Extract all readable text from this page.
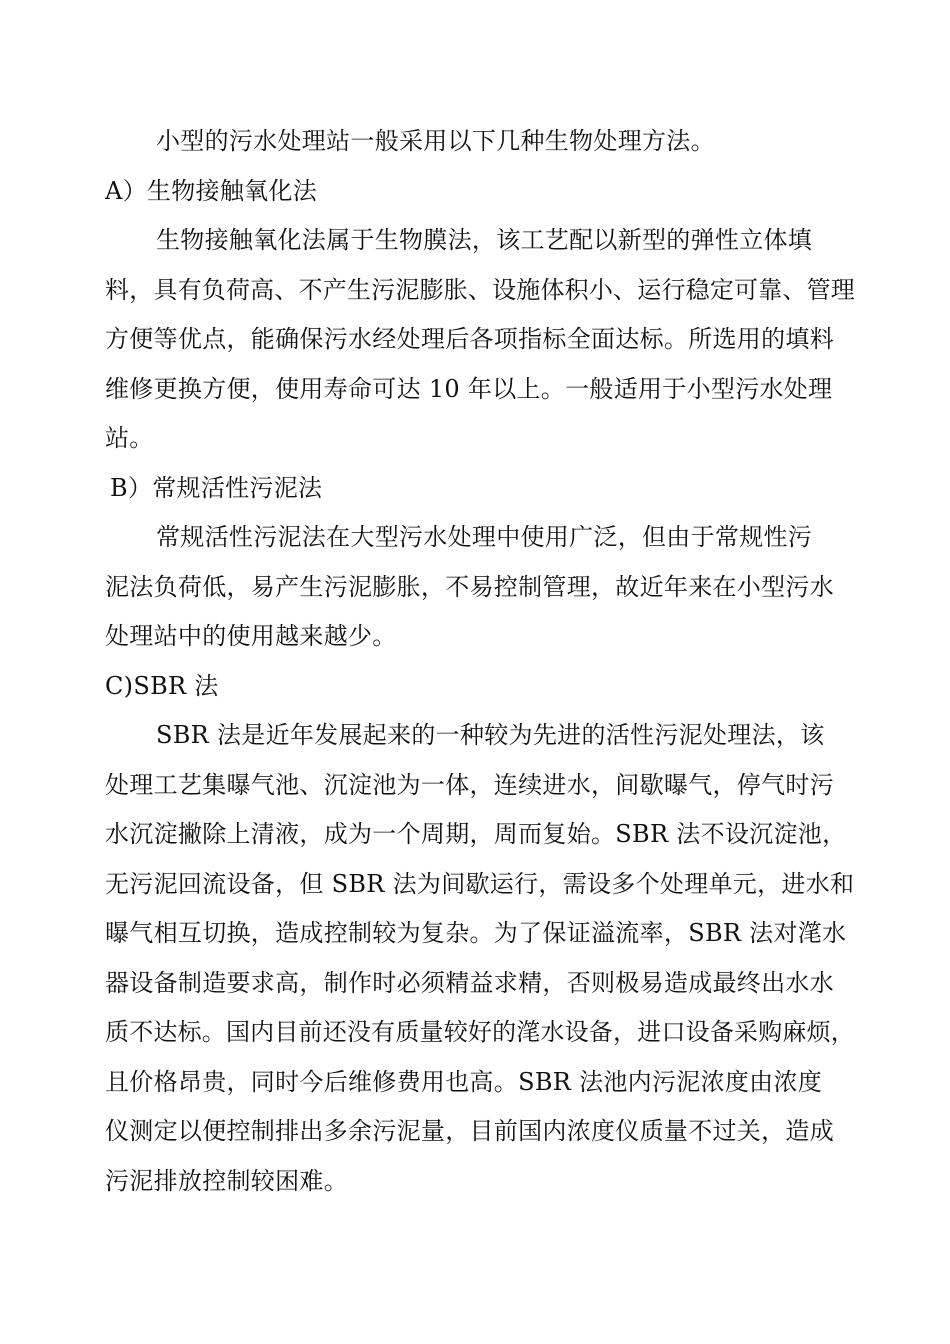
小型的污水处理站一般采用以下几种生物处理方法。
A）生物接触氧化法
生物接触氧化法属于生物膜法，该工艺配以新型的弹性立体填
料，具有负荷高、不产生污泥膨胀、设施体积小、运行稳定可靠、管理
方便等优点，能确保污水经处理后各项指标全面达标。所选用的填料
维修更换方便，使用寿命可达 10 年以上。一般适用于小型污水处理
站。
B）常规活性污泥法
常规活性污泥法在大型污水处理中使用广泛，但由于常规性污
泥法负荷低，易产生污泥膨胀，不易控制管理，故近年来在小型污水
处理站中的使用越来越少。
C)SBR 法
SBR 法是近年发展起来的一种较为先进的活性污泥处理法，该
处理工艺集曝气池、沉淀池为一体，连续进水，间歇曝气，停气时污
水沉淀撇除上清液，成为一个周期，周而复始。SBR 法不设沉淀池，
无污泥回流设备，但 SBR 法为间歇运行，需设多个处理单元，进水和
曝气相互切换，造成控制较为复杂。为了保证溢流率，SBR 法对滗水
器设备制造要求高，制作时必须精益求精，否则极易造成最终出水水
质不达标。国内目前还没有质量较好的滗水设备，进口设备采购麻烦，
且价格昂贵，同时今后维修费用也高。SBR 法池内污泥浓度由浓度
仪测定以便控制排出多余污泥量，目前国内浓度仪质量不过关，造成
污泥排放控制较困难。
